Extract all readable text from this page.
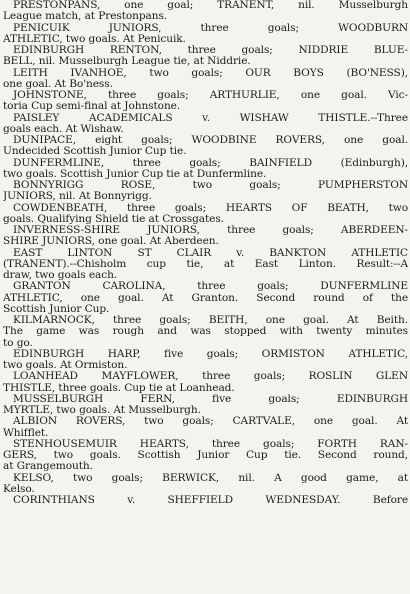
PRESTONPANS, one goal; TRANENT, nil. Musselburgh
League match, at Prestonpans.
PENICUIK JUNIORS, three goals; WOODBURN
ATHLETIC, two goals. At Penicuik.
EDINBURGH RENTON, three goals; NIDDRIE BLUE-
BELL, nil. Musselburgh League tie, at Niddrie.
LEITH IVANHOE, two goals; OUR BOYS (BO'NESS),
one goal. At Bo'ness.
JOHNSTONE, three goals; ARTHURLIE, one goal. Vic-
toria Cup semi-final at Johnstone.
PAISLEY ACADEMICALS v. WISHAW THISTLE.--Three
goals each. At Wishaw.
DUNIPACE, eight goals; WOODBINE ROVERS, one goal.
Undecided Scottish Junior Cup tie.
DUNFERMLINE, three goals; BAINFIELD (Edinburgh),
two goals. Scottish Junior Cup tie at Dunfermline.
BONNYRIGG ROSE, two goals; PUMPHERSTON
JUNIORS, nil. At Bonnyrigg.
COWDENBEATH, three goals; HEARTS OF BEATH, two
goals. Qualifying Shield tie at Crossgates.
INVERNESS-SHIRE JUNIORS, three goals; ABERDEEN-
SHIRE JUNIORS, one goal. At Aberdeen.
EAST LINTON ST CLAIR v. BANKTON ATHLETIC
(TRANENT).--Chisholm cup tie, at East Linton. Result:--A
draw, two goals each.
GRANTON CAROLINA, three goals; DUNFERMLINE
ATHLETIC, one goal. At Granton. Second round of the
Scottish Junior Cup.
KILMARNOCK, three goals; BEITH, one goal. At Beith.
The game was rough and was stopped with twenty minutes
to go.
EDINBURGH HARP, five goals; ORMISTON ATHLETIC,
two goals. At Ormiston.
LOANHEAD MAYFLOWER, three goals; ROSLIN GLEN
THISTLE, three goals. Cup tie at Loanhead.
MUSSELBURGH FERN, five goals; EDINBURGH
MYRTLE, two goals. At Musselburgh.
ALBION ROVERS, two goals; CARTVALE, one goal. At
Whifflet.
STENHOUSEMUIR HEARTS, three goals; FORTH RAN-
GERS, two goals. Scottish Junior Cup tie. Second round,
at Grangemouth.
KELSO, two goals; BERWICK, nil. A good game, at
Kelso.
CORINTHIANS v. SHEFFIELD WEDNESDAY. Before
